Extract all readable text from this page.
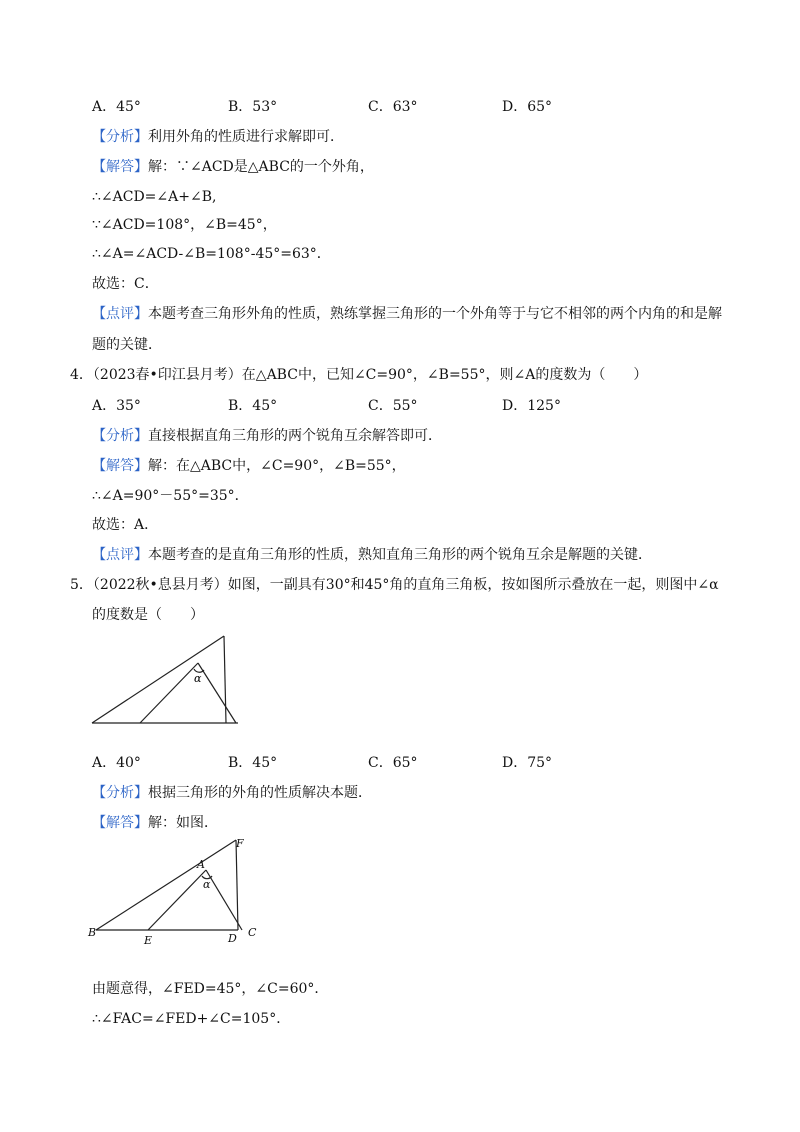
A．45°	B．53°	C．63°	D．65°
【分析】利用外角的性质进行求解即可．
【解答】解：∵∠ACD是△ABC的一个外角，
∴∠ACD=∠A+∠B,
∵∠ACD=108°，∠B=45°，
∴∠A=∠ACD-∠B=108°-45°=63°．
故选：C．
【点评】本题考查三角形外角的性质，熟练掌握三角形的一个外角等于与它不相邻的两个内角的和是解
题的关键．
4．（2023春•印江县月考）在△ABC中，已知∠C=90°，∠B=55°，则∠A的度数为（　　）
A．35°	B．45°	C．55°	D．125°
【分析】直接根据直角三角形的两个锐角互余解答即可．
【解答】解：在△ABC中，∠C=90°，∠B=55°，
∴∠A=90°－55°=35°．
故选：A．
【点评】本题考查的是直角三角形的性质，熟知直角三角形的两个锐角互余是解题的关键．
5．（2022秋•息县月考）如图，一副具有30°和45°角的直角三角板，按如图所示叠放在一起，则图中∠α
的度数是（　　）
α
A．40°	B．45°	C．65°	D．75°
【分析】根据三角形的外角的性质解决本题．
【解答】解：如图．
A
F
α
B
E	D C
由题意得，∠FED=45°，∠C=60°．
∴∠FAC=∠FED+∠C=105°．
